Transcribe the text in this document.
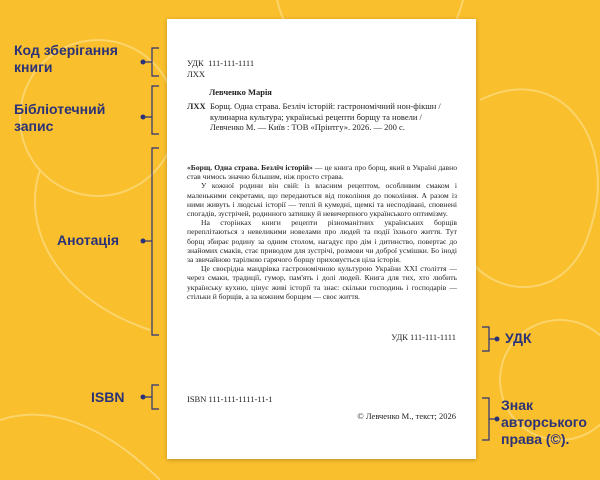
Код зберігання
книги
Бібліотечний
запис
Анотація
ISBN
УДК
Знак
авторського
права (©).
УДК 111-111-1111
ЛХХ
Левченко Марія
ЛХХ Борщ. Одна страва. Безліч історій: гастрономічний нон-фікшн / кулинарна культура; українські рецепти борщу та новели / Левченко М. — Київ : ТОВ «Прінтгу». 2026. — 200 с.

«Борщ. Одна страва. Безліч історій» — це книга про борщ, який в Україні давно став чимось значно більшим, ніж просто страва.

У кожної родини він свій: із власним рецептом, особливим смаком і маленькими секретами, що передаються від покоління до покоління. А разом із ними живуть і людські історії — теплі й кумедні, щемкі та несподівані, сповнені спогадів, зустрічей, родинного затишку й невичерпного українського оптимізму.

На сторінках книги рецепти різноманітних українських борщів переплітаються з невеликими новелами про людей та події їхнього життя. Тут борщ збирає родину за одним столом, нагадує про дім і дитинство, повертає до знайомих смаків, стає приводом для зустрічі, розмови чи доброї усмішки. Бо іноді за звичайною тарілкою гарячого борщу приховується ціла історія.

Це своєрідна мандрівка гастрономічною культурою України XXI століття — через смаки, традиції, гумор, пам'ять і долі людей. Книга для тих, хто любить українську кухню, цінує живі історії та знає: скільки господинь і господарів — стільки й борщів, а за кожним борщем — своє життя.

УДК 111-111-1111
ISBN 111-111-1111-11-1
© Левченко М., текст; 2026
